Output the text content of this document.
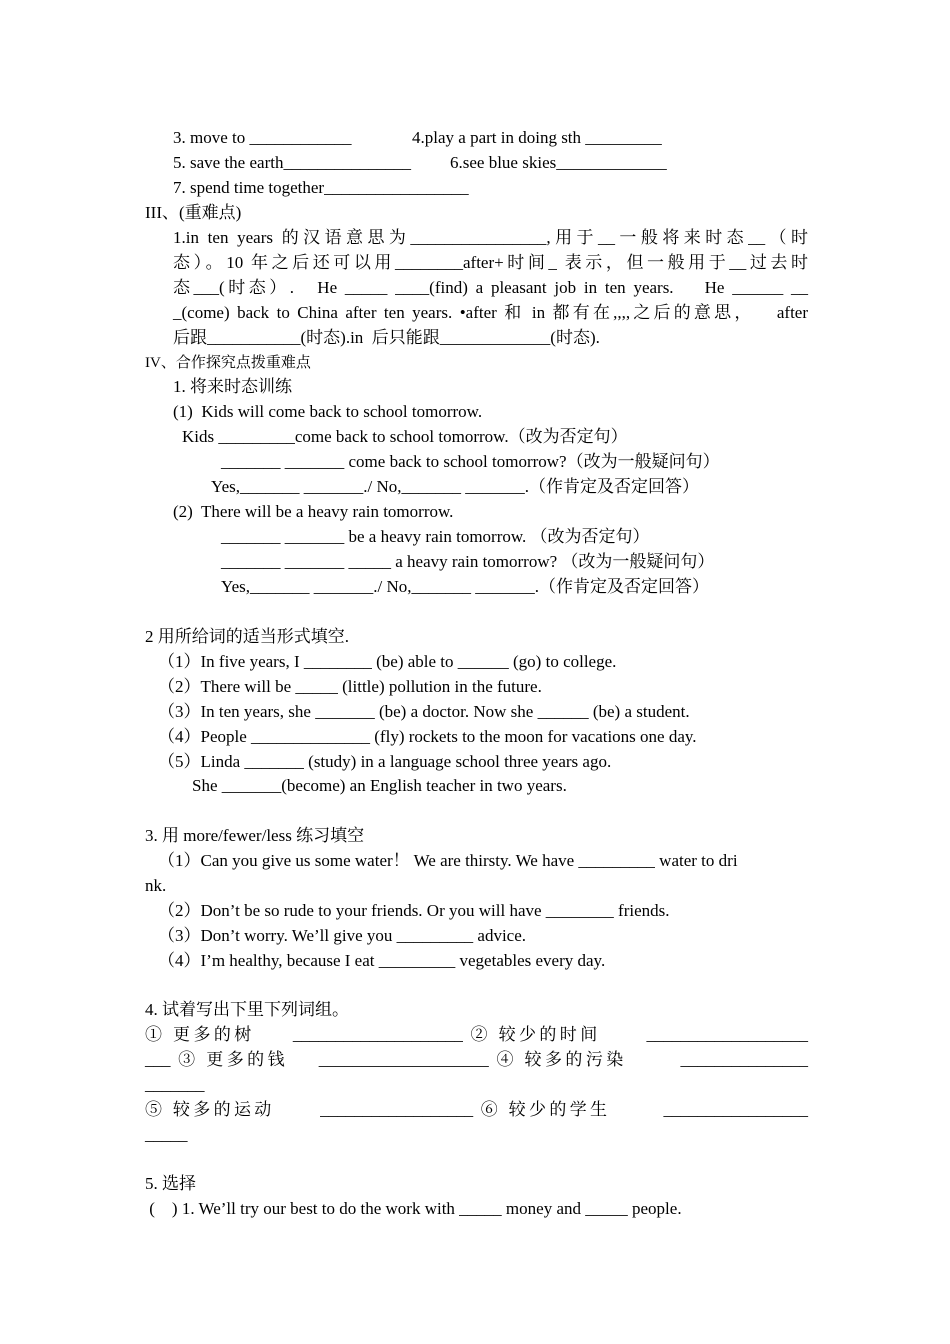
3. move to ____________	4.play a part in doing sth _________
5. save the earth_______________ 6.see blue skies_____________
7. spend time together_________________
III、(重难点)
1.in ten years 的汉语意思为________________,用于__一般将来时态__（时
态）。10 年之后还可以用________after+时间_ 表示，但一般用于__过去时
态___(时态）.   He _____ ____(find) a pleasant job in ten years.    He ______ __
_(come) back to China after ten years. •after 和 in 都有在,,,,之后的意思，   after
后跟___________(时态).in  后只能跟_____________(时态).
IV、合作探究点拨重难点
1. 将来时态训练
(1)  Kids will come back to school tomorrow.
Kids _________come back to school tomorrow.（改为否定句）
_______ _______ come back to school tomorrow?（改为一般疑问句）
Yes,_______ _______./ No,_______ _______.（作肯定及否定回答）
(2)  There will be a heavy rain tomorrow.
_______ _______ be a heavy rain tomorrow. （改为否定句）
_______ _______ _____ a heavy rain tomorrow? （改为一般疑问句）
Yes,_______ _______./ No,_______ _______.（作肯定及否定回答）
2 用所给词的适当形式填空.
（1）In five years, I ________ (be) able to ______ (go) to college.
（2）There will be _____ (little) pollution in the future.
（3）In ten years, she _______ (be) a doctor. Now she ______ (be) a student.
（4）People ______________ (fly) rockets to the moon for vacations one day.
（5）Linda _______ (study) in a language school three years ago.
She _______(become) an English teacher in two years.
3. 用 more/fewer/less 练习填空
（1）Can you give us some water！ We are thirsty. We have _________ water to dri
nk.
（2）Don’t be so rude to your friends. Or you will have ________ friends.
（3）Don’t worry. We’ll give you _________ advice.
（4）I’m healthy, because I eat _________ vegetables every day.
4. 试着写出下里下列词组。
① 更多的树     ____________________ ② 较少的时间      ___________________
___ ③ 更多的钱    ____________________ ④ 较多的污染       _______________
_______
⑤ 较多的运动      __________________ ⑥ 较少的学生       _________________
_____
5. 选择
(    ) 1. We’ll try our best to do the work with _____ money and _____ people.
